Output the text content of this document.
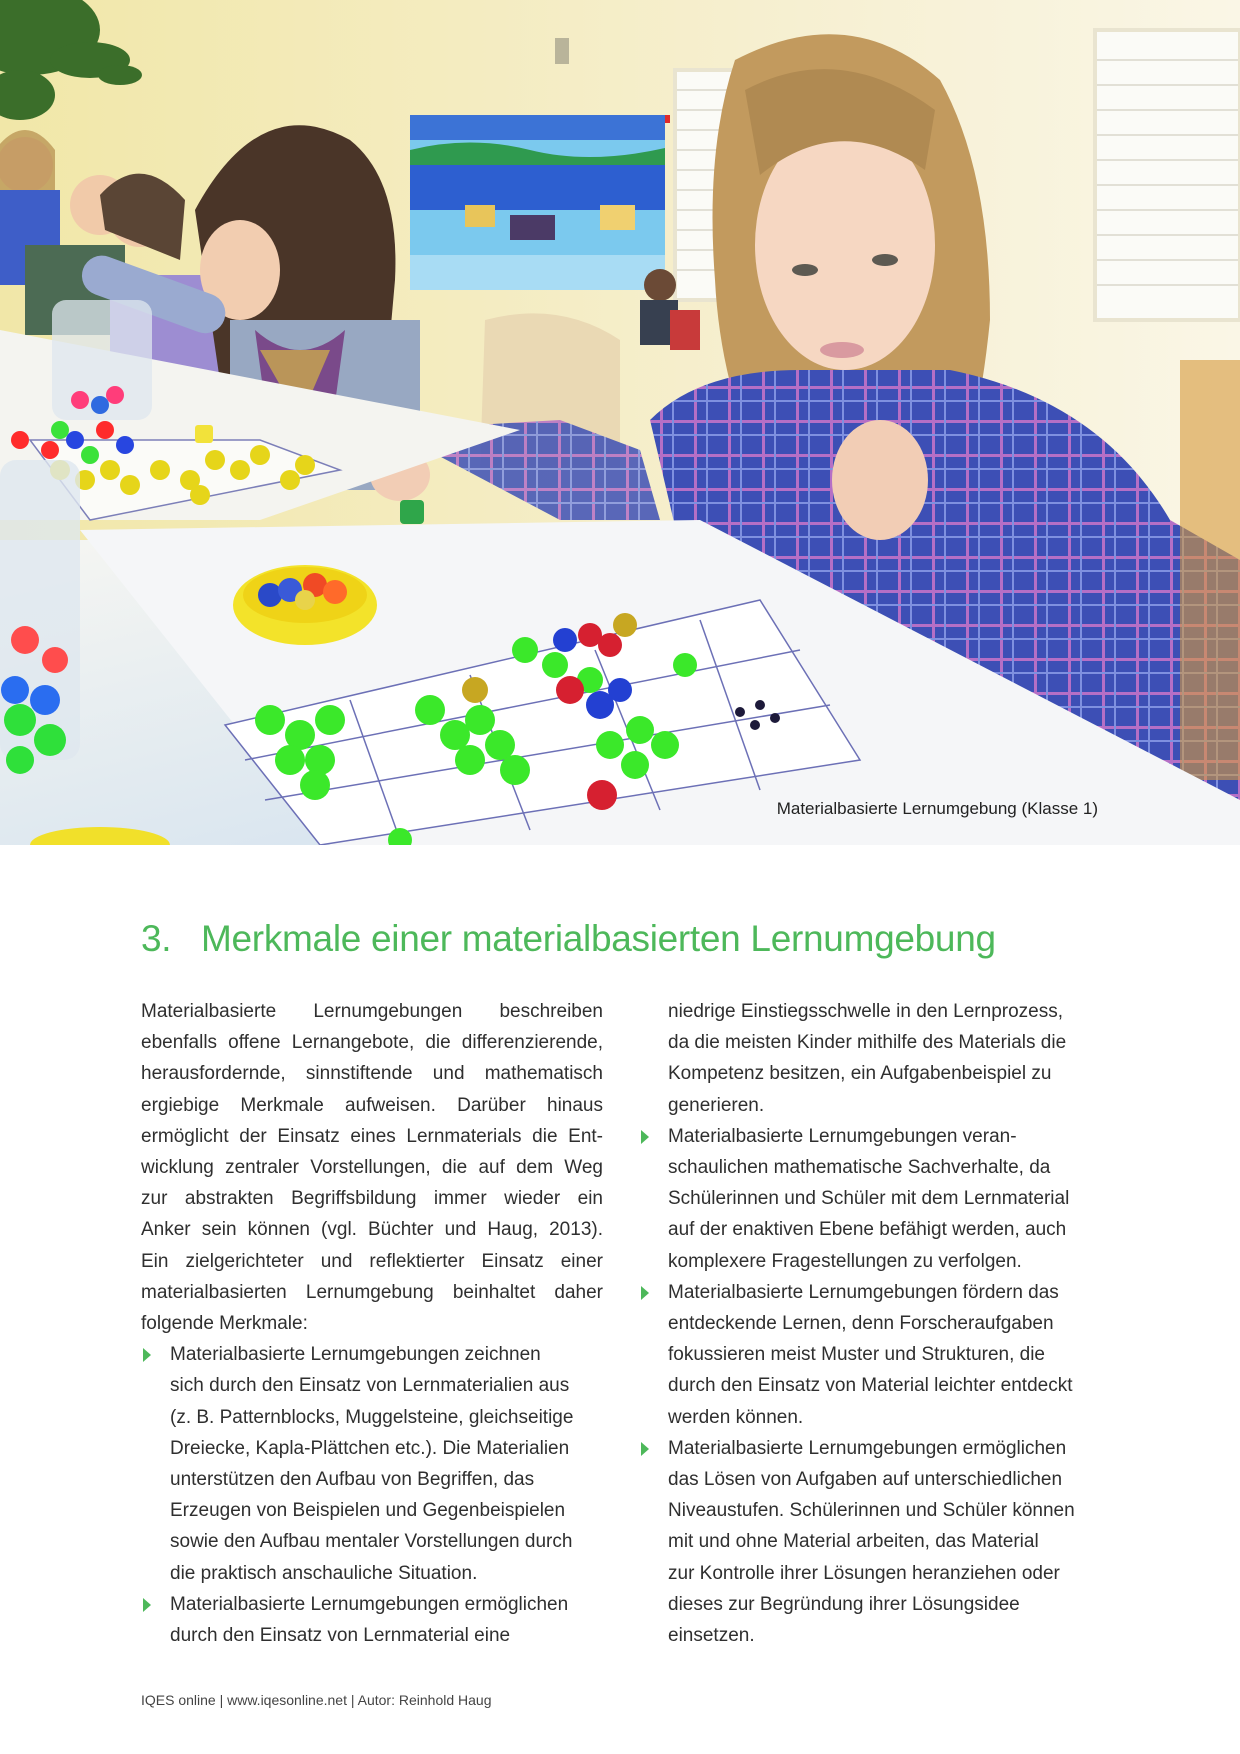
Materialbasierte Lernumgebung (Klasse 1)
3. Merkmale einer materialbasierten Lernumgebung

Materialbasierte Lernumgebungen beschreiben
ebenfalls offene Lernangebote, die differenzierende,
herausfordernde, sinnstiftende und mathematisch
ergiebige Merkmale aufweisen. Darüber hinaus
ermöglicht der Einsatz eines Lernmaterials die Ent-
wicklung zentraler Vorstellungen, die auf dem Weg
zur abstrakten Begriffsbildung immer wieder ein
Anker sein können (vgl. Büchter und Haug, 2013).
Ein zielgerichteter und reflektierter Einsatz einer
materialbasierten Lernumgebung beinhaltet daher
folgende Merkmale:

Materialbasierte Lernumgebungen zeichnen
sich durch den Einsatz von Lernmaterialien aus
(z. B. Patternblocks, Muggelsteine, gleichseitige
Dreiecke, Kapla-Plättchen etc.). Die Materialien
unterstützen den Aufbau von Begriffen, das
Erzeugen von Beispielen und Gegenbeispielen
sowie den Aufbau mentaler Vorstellungen durch
die praktisch anschauliche Situation.
Materialbasierte Lernumgebungen ermöglichen
durch den Einsatz von Lernmaterial eine
niedrige Einstiegsschwelle in den Lernprozess,
da die meisten Kinder mithilfe des Materials die
Kompetenz besitzen, ein Aufgabenbeispiel zu
generieren.
Materialbasierte Lernumgebungen veran-
schaulichen mathematische Sachverhalte, da
Schülerinnen und Schüler mit dem Lernmaterial
auf der enaktiven Ebene befähigt werden, auch
komplexere Fragestellungen zu verfolgen.
Materialbasierte Lernumgebungen fördern das
entdeckende Lernen, denn Forscheraufgaben
fokussieren meist Muster und Strukturen, die
durch den Einsatz von Material leichter entdeckt
werden können.
Materialbasierte Lernumgebungen ermöglichen
das Lösen von Aufgaben auf unterschiedlichen
Niveaustufen. Schülerinnen und Schüler können
mit und ohne Material arbeiten, das Material
zur Kontrolle ihrer Lösungen heranziehen oder
dieses zur Begründung ihrer Lösungsidee
einsetzen.
IQES online | www.iqesonline.net | Autor: Reinhold Haug
